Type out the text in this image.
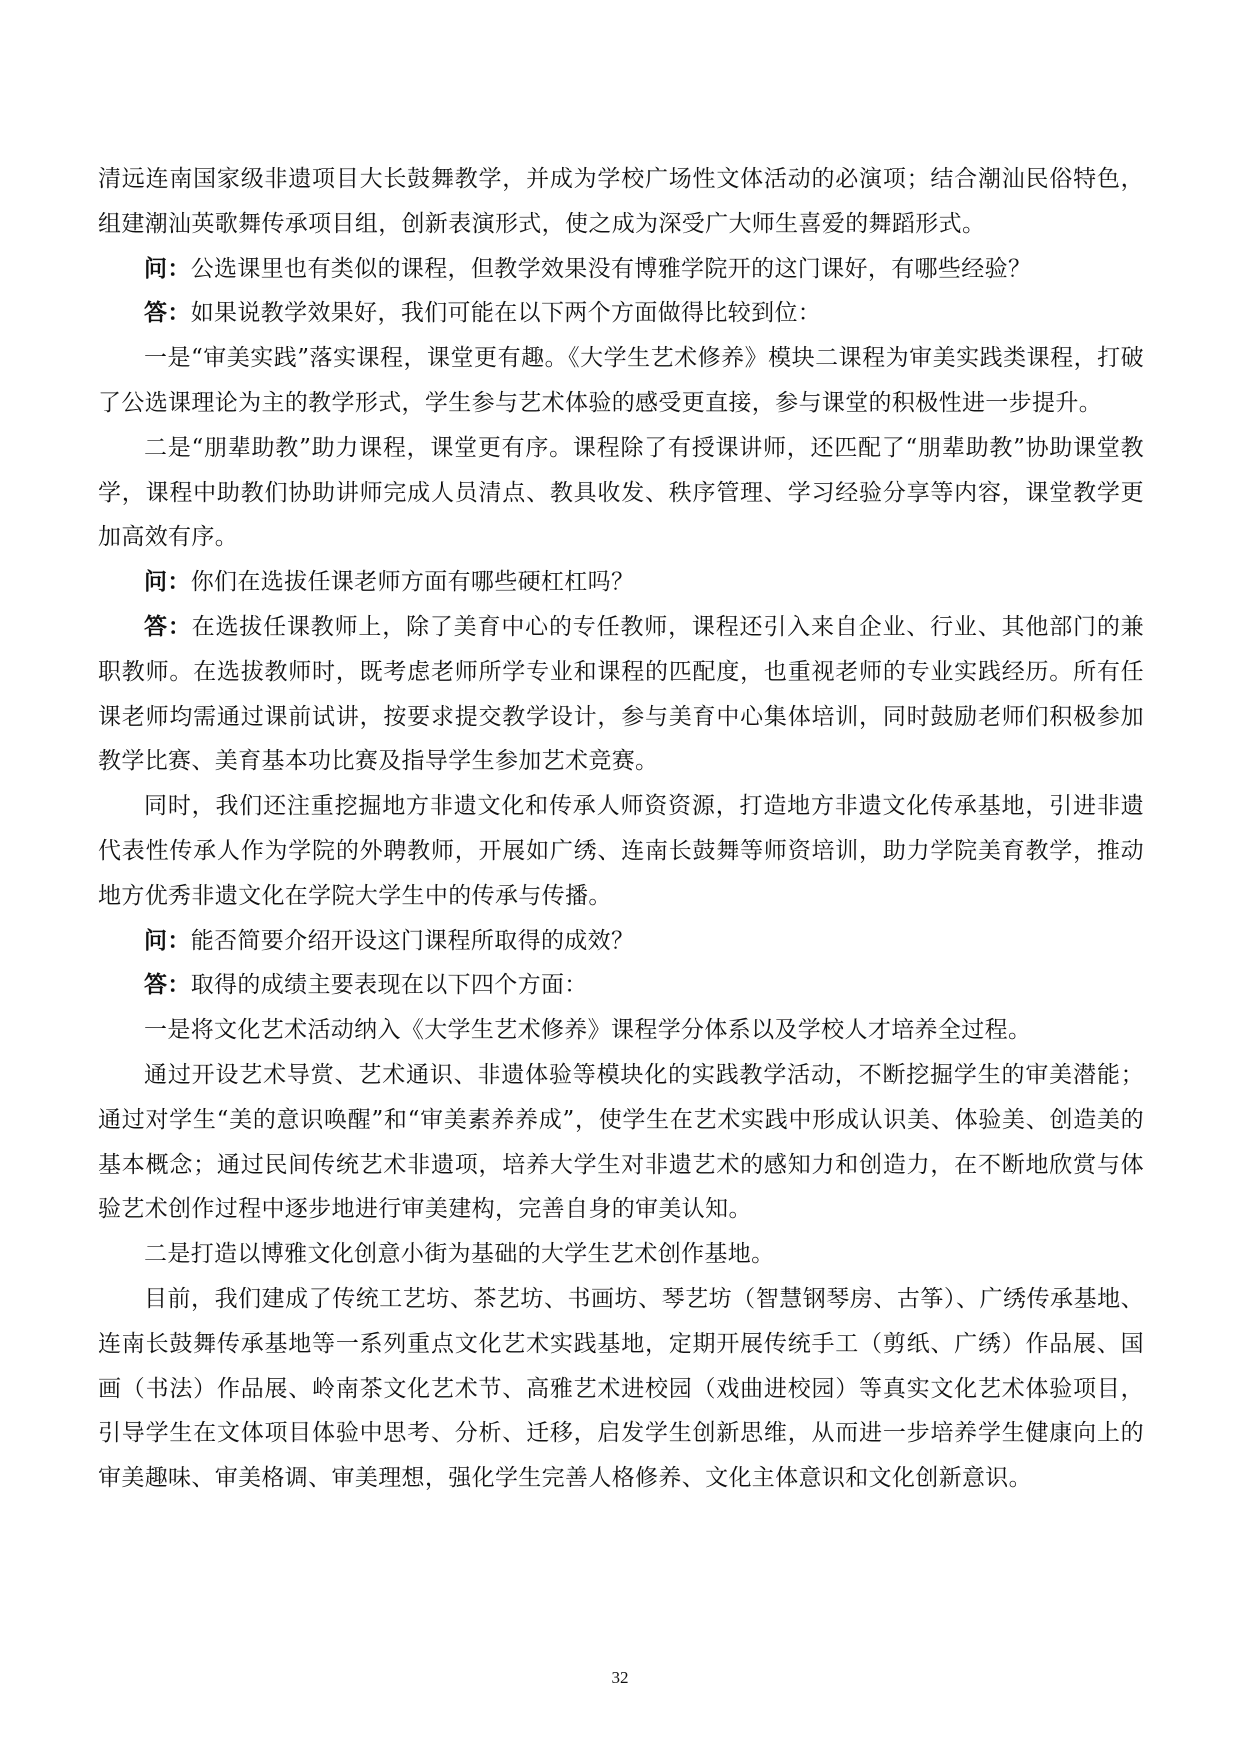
清远连南国家级非遗项目大长鼓舞教学，并成为学校广场性文体活动的必演项；结合潮汕民俗特色，组建潮汕英歌舞传承项目组，创新表演形式，使之成为深受广大师生喜爱的舞蹈形式。

问：公选课里也有类似的课程，但教学效果没有博雅学院开的这门课好，有哪些经验？

答：如果说教学效果好，我们可能在以下两个方面做得比较到位：

一是“审美实践”落实课程，课堂更有趣。《大学生艺术修养》模块二课程为审美实践类课程，打破了公选课理论为主的教学形式，学生参与艺术体验的感受更直接，参与课堂的积极性进一步提升。

二是“朋辈助教”助力课程，课堂更有序。课程除了有授课讲师，还匹配了“朋辈助教”协助课堂教学，课程中助教们协助讲师完成人员清点、教具收发、秩序管理、学习经验分享等内容，课堂教学更加高效有序。

问：你们在选拔任课老师方面有哪些硬杠杠吗？

答：在选拔任课教师上，除了美育中心的专任教师，课程还引入来自企业、行业、其他部门的兼职教师。在选拔教师时，既考虑老师所学专业和课程的匹配度，也重视老师的专业实践经历。所有任课老师均需通过课前试讲，按要求提交教学设计，参与美育中心集体培训，同时鼓励老师们积极参加教学比赛、美育基本功比赛及指导学生参加艺术竞赛。

同时，我们还注重挖掘地方非遗文化和传承人师资资源，打造地方非遗文化传承基地，引进非遗代表性传承人作为学院的外聘教师，开展如广绣、连南长鼓舞等师资培训，助力学院美育教学，推动地方优秀非遗文化在学院大学生中的传承与传播。

问：能否简要介绍开设这门课程所取得的成效？

答：取得的成绩主要表现在以下四个方面：

一是将文化艺术活动纳入《大学生艺术修养》课程学分体系以及学校人才培养全过程。

通过开设艺术导赏、艺术通识、非遗体验等模块化的实践教学活动，不断挖掘学生的审美潜能；通过对学生“美的意识唤醒”和“审美素养养成”，使学生在艺术实践中形成认识美、体验美、创造美的基本概念；通过民间传统艺术非遗项，培养大学生对非遗艺术的感知力和创造力，在不断地欣赏与体验艺术创作过程中逐步地进行审美建构，完善自身的审美认知。

二是打造以博雅文化创意小街为基础的大学生艺术创作基地。

目前，我们建成了传统工艺坊、茶艺坊、书画坊、琴艺坊（智慧钢琴房、古筝）、广绣传承基地、连南长鼓舞传承基地等一系列重点文化艺术实践基地，定期开展传统手工（剪纸、广绣）作品展、国画（书法）作品展、岭南茶文化艺术节、高雅艺术进校园（戏曲进校园）等真实文化艺术体验项目，引导学生在文体项目体验中思考、分析、迁移，启发学生创新思维，从而进一步培养学生健康向上的审美趣味、审美格调、审美理想，强化学生完善人格修养、文化主体意识和文化创新意识。

32
